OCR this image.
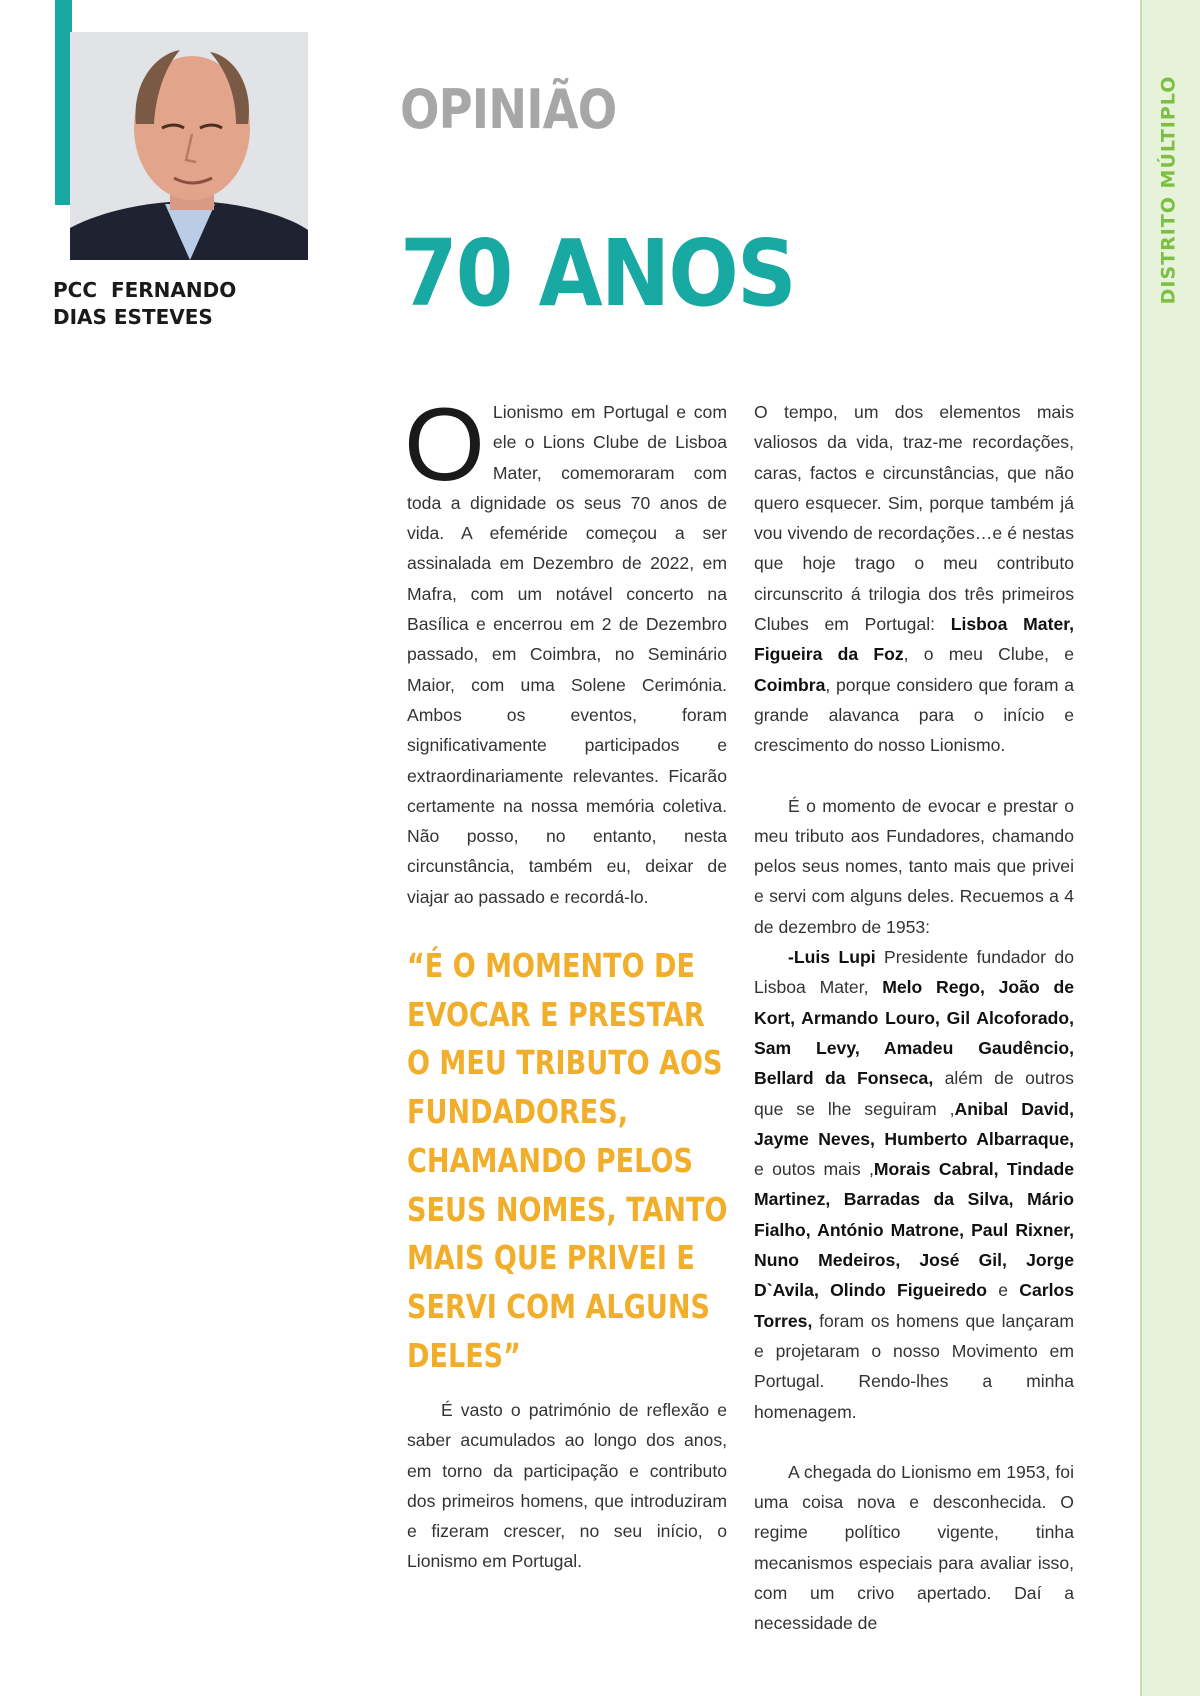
DISTRITO MÚLTIPLO
PCC  FERNANDO
DIAS ESTEVES
OPINIÃO
70 ANOS

O Lionismo em Portugal e com ele o Lions Clube de Lisboa Mater, comemoraram com toda a dignidade os seus 70 anos de vida. A efeméride começou a ser assinalada em Dezembro de 2022, em Mafra, com um notável concerto na Basílica e encerrou em 2 de Dezembro passado, em Coimbra, no Seminário Maior, com uma Solene Cerimónia. Ambos os eventos, foram significativamente participados e extraordinariamente relevantes. Ficarão certamente na nossa memória coletiva. Não posso, no entanto, nesta circunstância, também eu, deixar de viajar ao passado e recordá-lo.

“É O MOMENTO DE EVOCAR E PRESTAR O MEU TRIBUTO AOS FUNDADORES, CHAMANDO PELOS SEUS NOMES, TANTO MAIS QUE PRIVEI E SERVI COM ALGUNS DELES”

É vasto o património de reflexão e saber acumulados ao longo dos anos, em torno da participação e contributo dos primeiros homens, que introduziram e fizeram crescer, no seu início, o Lionismo em Portugal.

O tempo, um dos elementos mais valiosos da vida, traz-me recordações, caras, factos e circunstâncias, que não quero esquecer. Sim, porque também já vou vivendo de recordações…e é nestas que hoje trago o meu contributo circunscrito á trilogia dos três primeiros Clubes em Portugal: Lisboa Mater, Figueira da Foz, o meu Clube, e Coimbra, porque considero que foram a grande alavanca para o início e crescimento do nosso Lionismo.

É o momento de evocar e prestar o meu tributo aos Fundadores, chamando pelos seus nomes, tanto mais que privei e servi com alguns deles. Recuemos a 4 de dezembro de 1953:

-Luis Lupi Presidente fundador do Lisboa Mater, Melo Rego, João de Kort, Armando Louro, Gil Alcoforado, Sam Levy, Amadeu Gaudêncio, Bellard da Fonseca, além de outros que se lhe seguiram ,Anibal David, Jayme Neves, Humberto Albarraque, e outos mais ,Morais Cabral, Tindade Martinez, Barradas da Silva, Mário Fialho, António Matrone, Paul Rixner, Nuno Medeiros, José Gil, Jorge D`Avila, Olindo Figueiredo e Carlos Torres, foram os homens que lançaram e projetaram o nosso Movimento em Portugal. Rendo-lhes a minha homenagem.

A chegada do Lionismo em 1953, foi uma coisa nova e desconhecida. O regime político vigente, tinha mecanismos especiais para avaliar isso, com um crivo apertado. Daí a necessidade de
